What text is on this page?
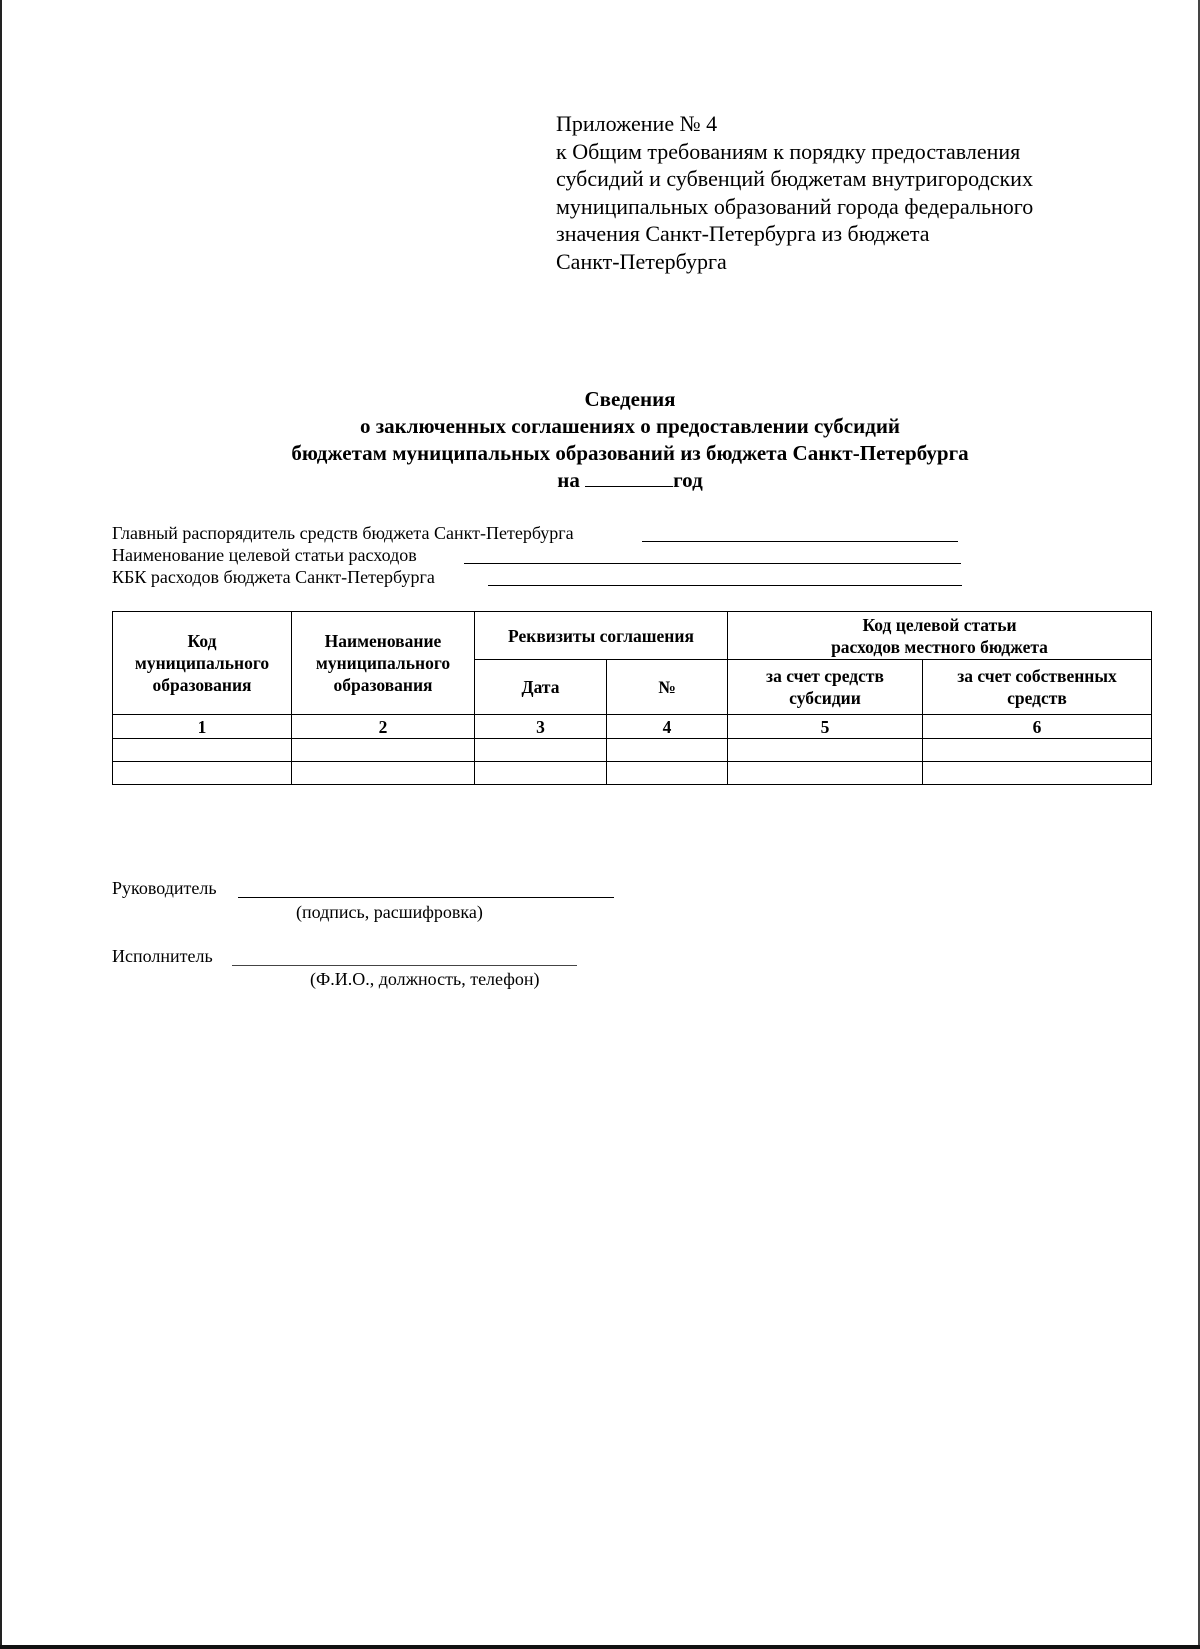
Приложение № 4
к Общим требованиям к порядку предоставления
субсидий и субвенций бюджетам внутригородских
муниципальных образований города федерального
значения Санкт-Петербурга из бюджета
Санкт-Петербурга
Сведения
о заключенных соглашениях о предоставлении субсидий
бюджетам муниципальных образований из бюджета Санкт-Петербурга
на	год
Главный распорядитель средств бюджета Санкт-Петербурга
Наименование целевой статьи расходов
КБК расходов бюджета Санкт-Петербурга
Код муниципального образования	Наименование муниципального образования	Реквизиты соглашения		Код целевой статьи расходов местного бюджета	

		Дата	№	за счет средств субсидии	за счет собственных средств

1	2	3	4	5	6

Руководитель
(подпись, расшифровка)
Исполнитель
(Ф.И.О., должность, телефон)
